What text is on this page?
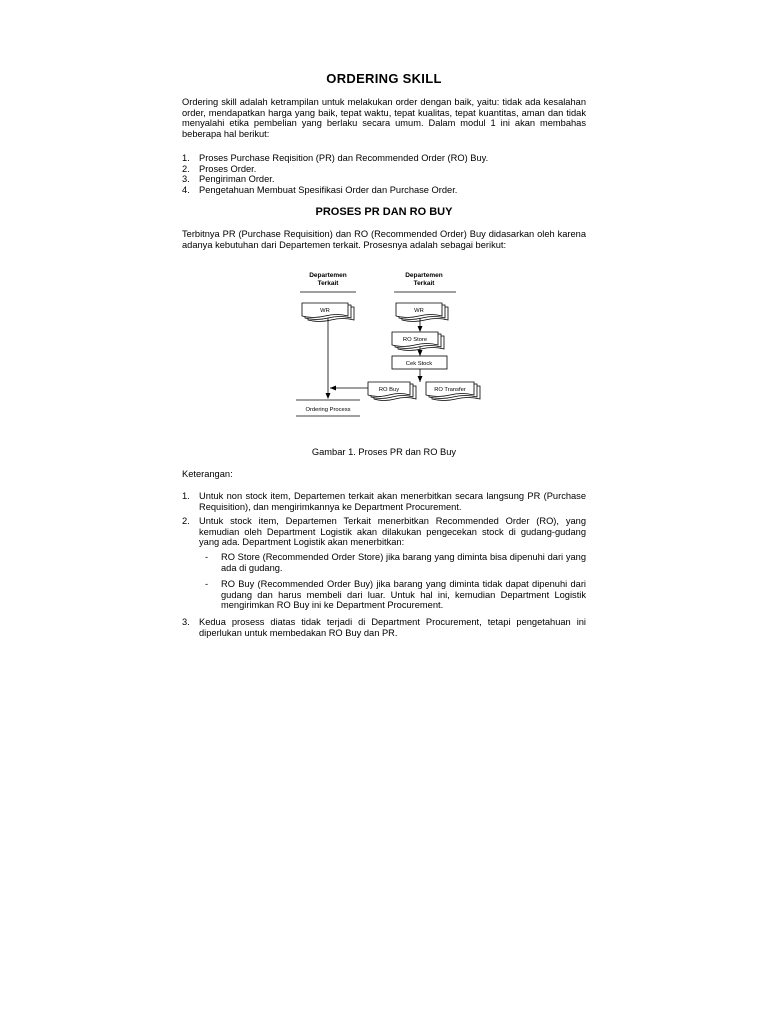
ORDERING SKILL
Ordering skill adalah ketrampilan untuk melakukan order dengan baik, yaitu: tidak ada kesalahan order, mendapatkan harga yang baik, tepat waktu, tepat kualitas, tepat kuantitas, aman dan tidak menyalahi etika pembelian yang berlaku secara umum. Dalam modul 1 ini akan membahas beberapa hal berikut:
1. Proses Purchase Reqisition (PR) dan Recommended Order (RO) Buy.
2. Proses Order.
3. Pengiriman Order.
4. Pengetahuan Membuat Spesifikasi Order dan Purchase Order.
PROSES PR DAN RO BUY
Terbitnya PR (Purchase Requisition) dan RO (Recommended Order) Buy didasarkan oleh karena adanya kebutuhan dari Departemen terkait. Prosesnya adalah sebagai berikut:
Departemen
Terkait
Departemen
Terkait
WR	WR
RO Store
Cek Stock
RO Buy	RO Transfer
Ordering Process
Gambar 1. Proses PR dan RO Buy
Keterangan:
1. Untuk non stock item, Departemen terkait akan menerbitkan secara langsung PR (Purchase Requisition), dan mengirimkannya ke Department Procurement.
2. Untuk stock item, Departemen Terkait menerbitkan Recommended Order (RO), yang kemudian oleh Department Logistik akan dilakukan pengecekan stock di gudang-gudang yang ada. Department Logistik akan menerbitkan:
- RO Store (Recommended Order Store) jika barang yang diminta bisa dipenuhi dari yang ada di gudang.
- RO Buy (Recommended Order Buy) jika barang yang diminta tidak dapat dipenuhi dari gudang dan harus membeli dari luar. Untuk hal ini, kemudian Department Logistik mengirimkan RO Buy ini ke Department Procurement.
3. Kedua prosess diatas tidak terjadi di Department Procurement, tetapi pengetahuan ini diperlukan untuk membedakan RO Buy dan PR.
